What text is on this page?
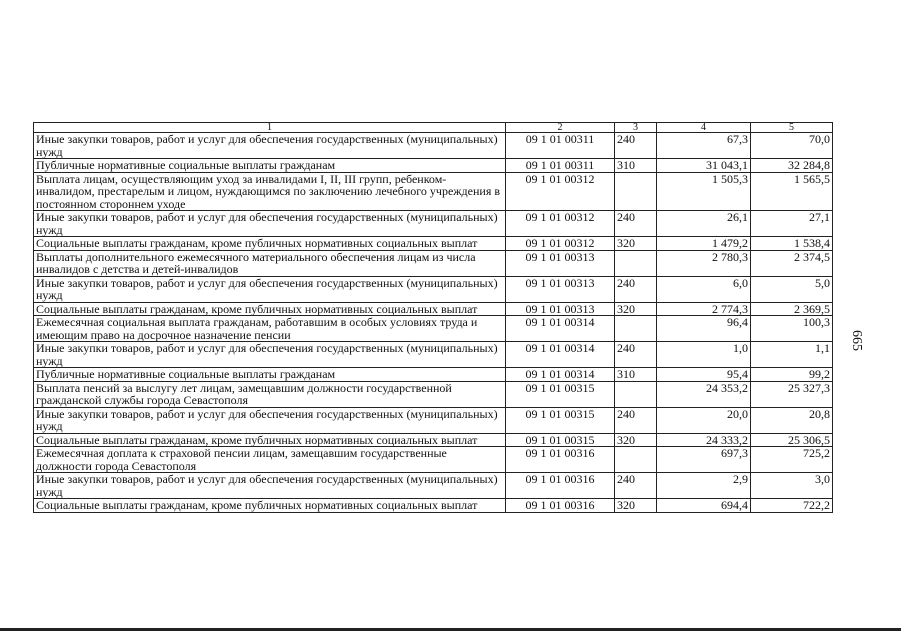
665
1	2	3	4	5
Иные закупки товаров, работ и услуг для обеспечения государственных (муниципальных) нужд	09 1 01 00311	240	67,3	70,0
Публичные нормативные социальные выплаты гражданам	09 1 01 00311	310	31 043,1	32 284,8
Выплата лицам, осуществляющим уход за инвалидами I, II, III групп, ребенком-инвалидом, престарелым и лицом, нуждающимся по заключению лечебного учреждения в постоянном стороннем уходе	09 1 01 00312		1 505,3	1 565,5
Иные закупки товаров, работ и услуг для обеспечения государственных (муниципальных) нужд	09 1 01 00312	240	26,1	27,1
Социальные выплаты гражданам, кроме публичных нормативных социальных выплат	09 1 01 00312	320	1 479,2	1 538,4
Выплаты дополнительного ежемесячного материального обеспечения лицам из числа инвалидов с детства и детей-инвалидов	09 1 01 00313		2 780,3	2 374,5
Иные закупки товаров, работ и услуг для обеспечения государственных (муниципальных) нужд	09 1 01 00313	240	6,0	5,0
Социальные выплаты гражданам, кроме публичных нормативных социальных выплат	09 1 01 00313	320	2 774,3	2 369,5
Ежемесячная социальная выплата гражданам, работавшим в особых условиях труда и имеющим право на досрочное назначение пенсии	09 1 01 00314		96,4	100,3
Иные закупки товаров, работ и услуг для обеспечения государственных (муниципальных) нужд	09 1 01 00314	240	1,0	1,1
Публичные нормативные социальные выплаты гражданам	09 1 01 00314	310	95,4	99,2
Выплата пенсий за выслугу лет лицам, замещавшим должности государственной гражданской службы города Севастополя	09 1 01 00315		24 353,2	25 327,3
Иные закупки товаров, работ и услуг для обеспечения государственных (муниципальных) нужд	09 1 01 00315	240	20,0	20,8
Социальные выплаты гражданам, кроме публичных нормативных социальных выплат	09 1 01 00315	320	24 333,2	25 306,5
Ежемесячная доплата к страховой пенсии лицам, замещавшим государственные должности города Севастополя	09 1 01 00316		697,3	725,2
Иные закупки товаров, работ и услуг для обеспечения государственных (муниципальных) нужд	09 1 01 00316	240	2,9	3,0
Социальные выплаты гражданам, кроме публичных нормативных социальных выплат	09 1 01 00316	320	694,4	722,2
